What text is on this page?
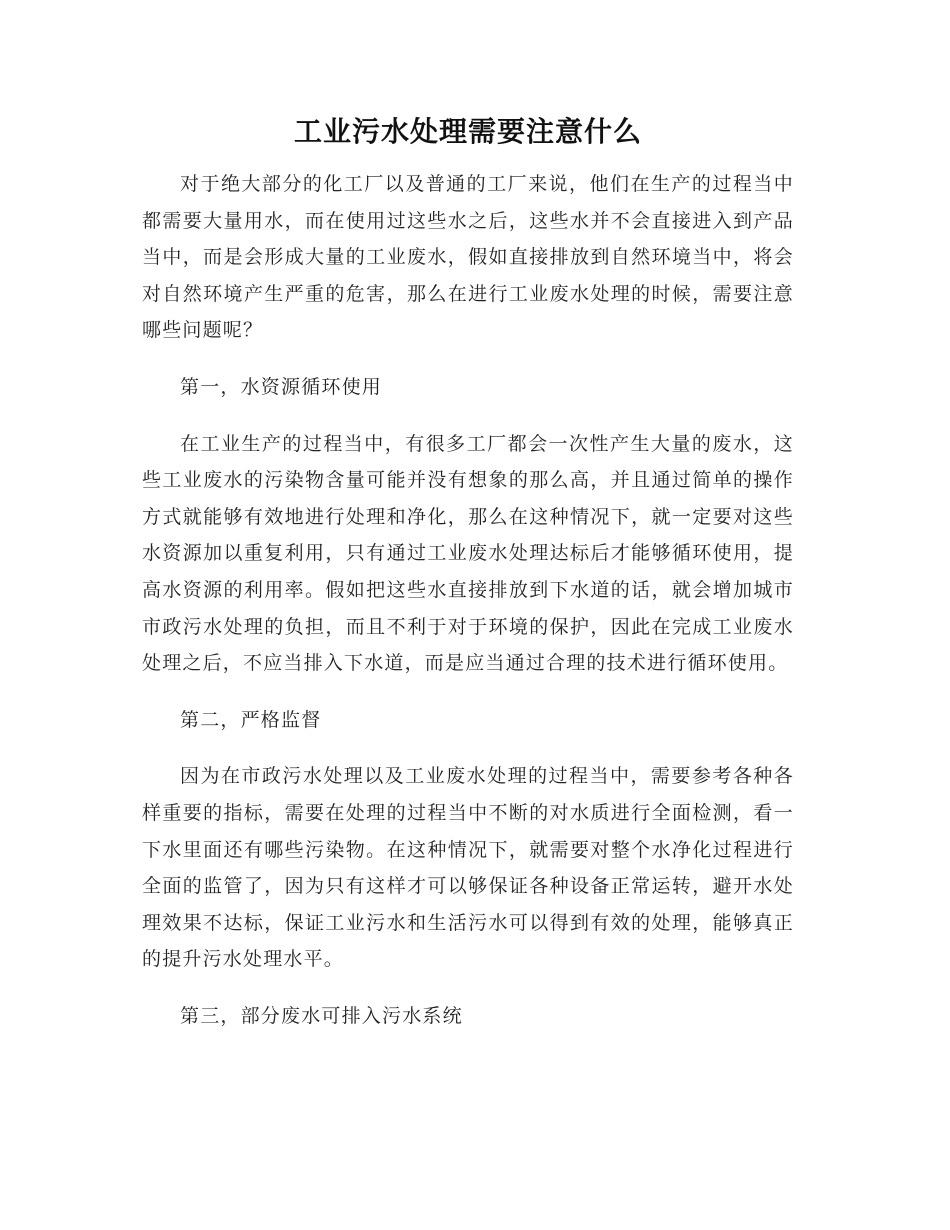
工业污水处理需要注意什么

对于绝大部分的化工厂以及普通的工厂来说，他们在生产的过程当中都需要大量用水，而在使用过这些水之后，这些水并不会直接进入到产品当中，而是会形成大量的工业废水，假如直接排放到自然环境当中，将会对自然环境产生严重的危害，那么在进行工业废水处理的时候，需要注意哪些问题呢？

第一，水资源循环使用

在工业生产的过程当中，有很多工厂都会一次性产生大量的废水，这些工业废水的污染物含量可能并没有想象的那么高，并且通过简单的操作方式就能够有效地进行处理和净化，那么在这种情况下，就一定要对这些水资源加以重复利用，只有通过工业废水处理达标后才能够循环使用，提高水资源的利用率。假如把这些水直接排放到下水道的话，就会增加城市市政污水处理的负担，而且不利于对于环境的保护，因此在完成工业废水处理之后，不应当排入下水道，而是应当通过合理的技术进行循环使用。

第二，严格监督

因为在市政污水处理以及工业废水处理的过程当中，需要参考各种各样重要的指标，需要在处理的过程当中不断的对水质进行全面检测，看一下水里面还有哪些污染物。在这种情况下，就需要对整个水净化过程进行全面的监管了，因为只有这样才可以够保证各种设备正常运转，避开水处理效果不达标，保证工业污水和生活污水可以得到有效的处理，能够真正的提升污水处理水平。

第三，部分废水可排入污水系统
